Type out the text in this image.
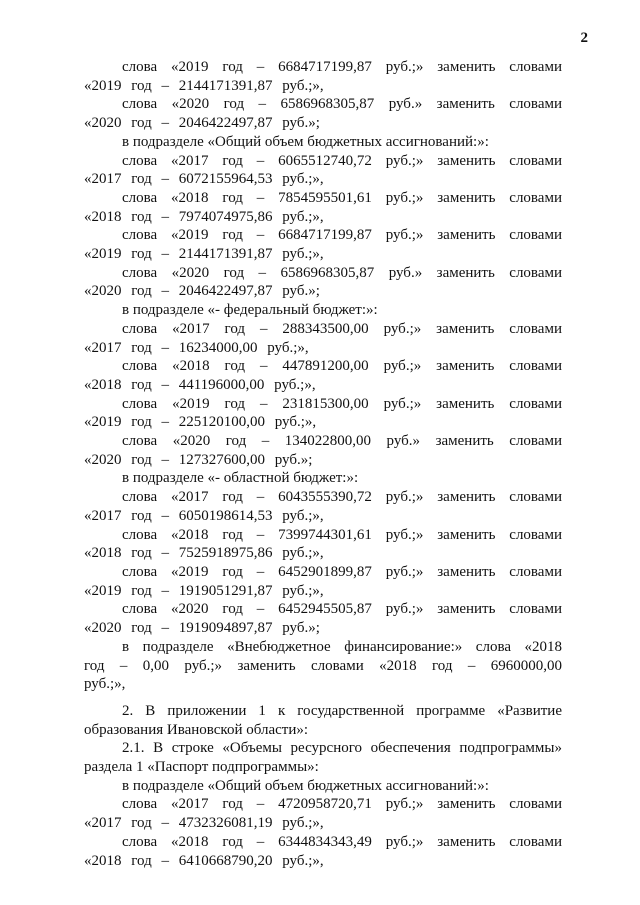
2

слова «2019 год – 6684717199,87 руб.;» заменить словами «2019 год – 2144171391,87 руб.;»,

слова «2020 год – 6586968305,87 руб.» заменить словами «2020 год – 2046422497,87 руб.»;

в подразделе «Общий объем бюджетных ассигнований:»:

слова «2017 год – 6065512740,72 руб.;» заменить словами «2017 год – 6072155964,53 руб.;»,

слова «2018 год – 7854595501,61 руб.;» заменить словами «2018 год – 7974074975,86 руб.;»,

слова «2019 год – 6684717199,87 руб.;» заменить словами «2019 год – 2144171391,87 руб.;»,

слова «2020 год – 6586968305,87 руб.» заменить словами «2020 год – 2046422497,87 руб.»;

в подразделе «- федеральный бюджет:»:

слова «2017 год – 288343500,00 руб.;» заменить словами «2017 год – 16234000,00 руб.;»,

слова «2018 год – 447891200,00 руб.;» заменить словами «2018 год – 441196000,00 руб.;»,

слова «2019 год – 231815300,00 руб.;» заменить словами «2019 год – 225120100,00 руб.;»,

слова «2020 год – 134022800,00 руб.» заменить словами «2020 год – 127327600,00 руб.»;

в подразделе «- областной бюджет:»:

слова «2017 год – 6043555390,72 руб.;» заменить словами «2017 год – 6050198614,53 руб.;»,

слова «2018 год – 7399744301,61 руб.;» заменить словами «2018 год – 7525918975,86 руб.;»,

слова «2019 год – 6452901899,87 руб.;» заменить словами «2019 год – 1919051291,87 руб.;»,

слова «2020 год – 6452945505,87 руб.;» заменить словами «2020 год – 1919094897,87 руб.»;

в подразделе «Внебюджетное финансирование:» слова «2018 год – 0,00 руб.;» заменить словами «2018 год – 6960000,00 руб.;»,

2. В приложении 1 к государственной программе «Развитие образования Ивановской области»:

2.1. В строке «Объемы ресурсного обеспечения подпрограммы» раздела 1 «Паспорт подпрограммы»:

в подразделе «Общий объем бюджетных ассигнований:»:

слова «2017 год – 4720958720,71 руб.;» заменить словами «2017 год – 4732326081,19 руб.;»,

слова «2018 год – 6344834343,49 руб.;» заменить словами «2018 год – 6410668790,20 руб.;»,
